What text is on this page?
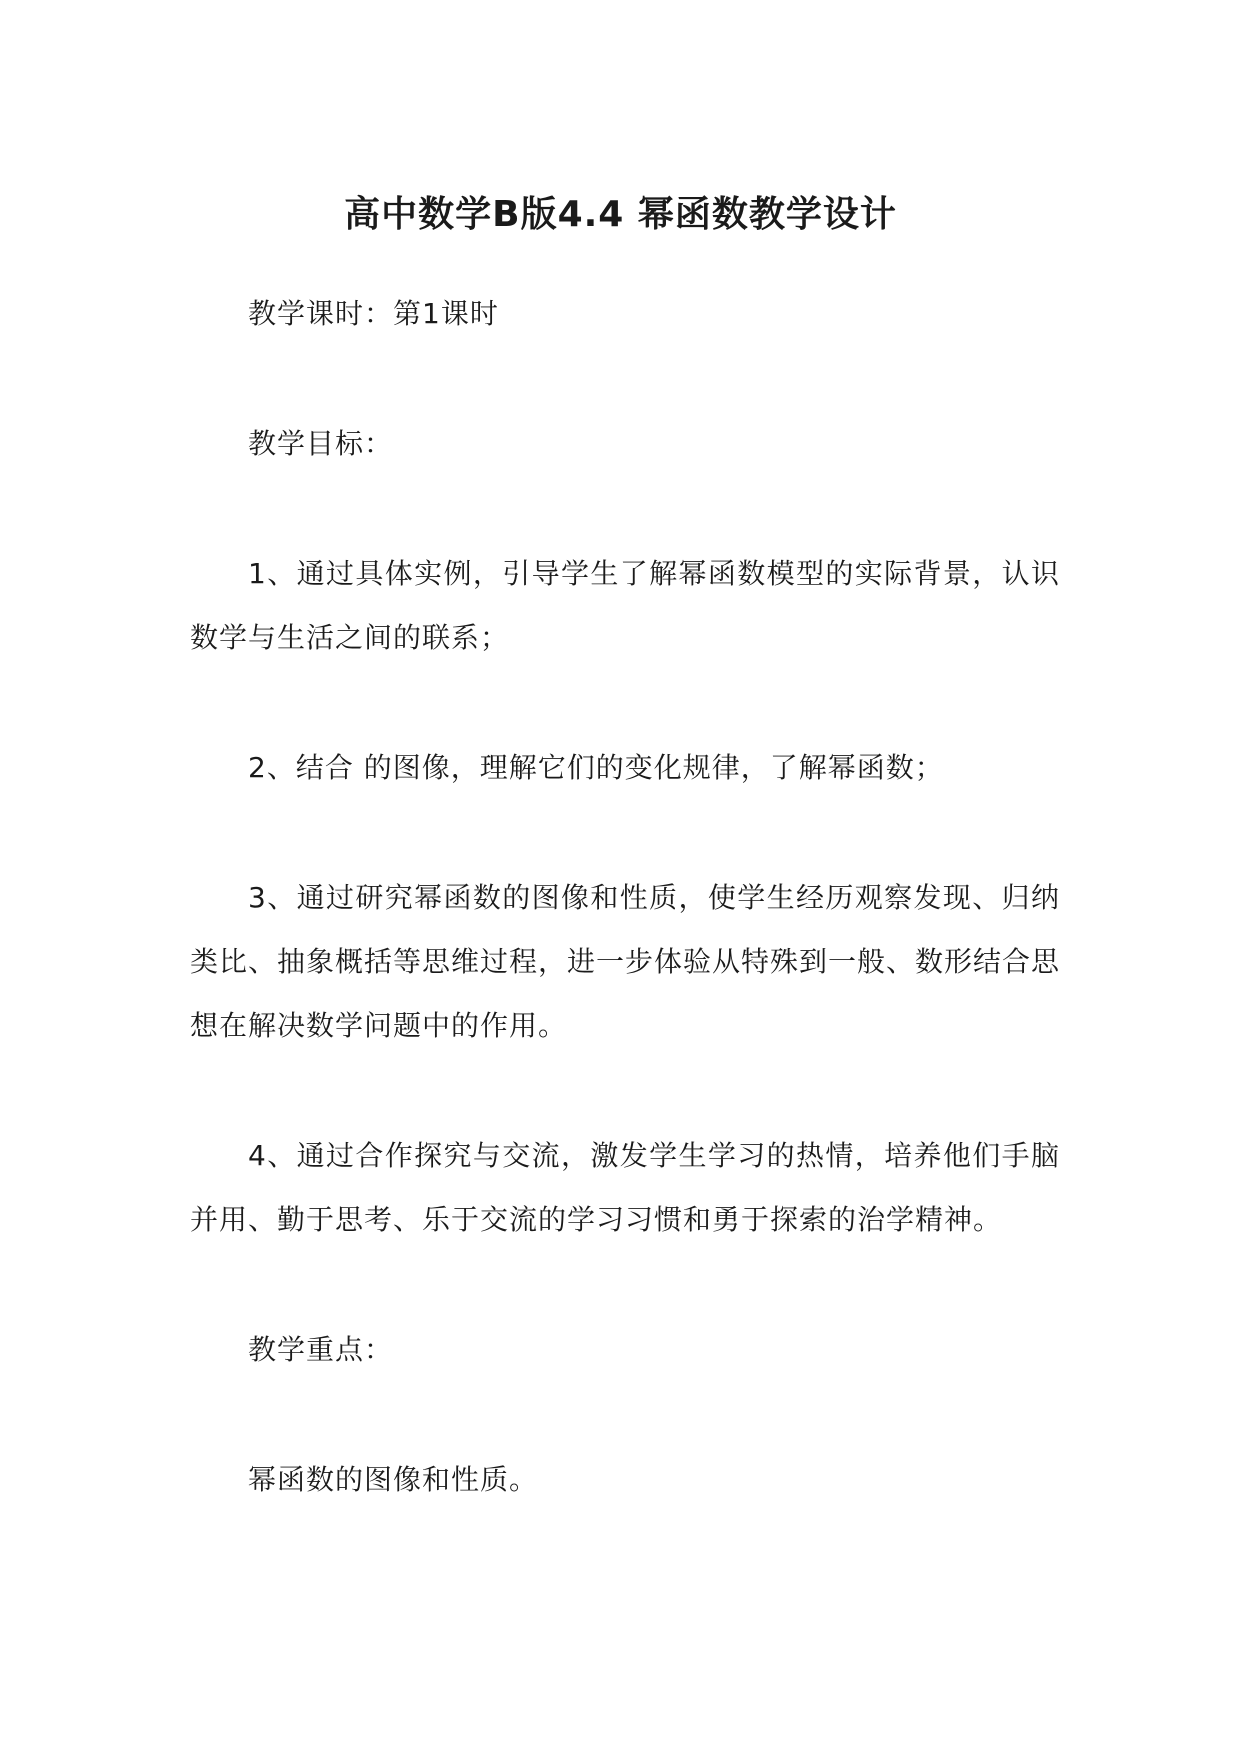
高中数学B版4.4 幂函数教学设计

教学课时：第1课时

教学目标：

1、通过具体实例，引导学生了解幂函数模型的实际背景，认识数学与生活之间的联系；

2、结合 的图像，理解它们的变化规律，了解幂函数；

3、通过研究幂函数的图像和性质，使学生经历观察发现、归纳类比、抽象概括等思维过程，进一步体验从特殊到一般、数形结合思想在解决数学问题中的作用。

4、通过合作探究与交流，激发学生学习的热情，培养他们手脑并用、勤于思考、乐于交流的学习习惯和勇于探索的治学精神。

教学重点：

幂函数的图像和性质。
